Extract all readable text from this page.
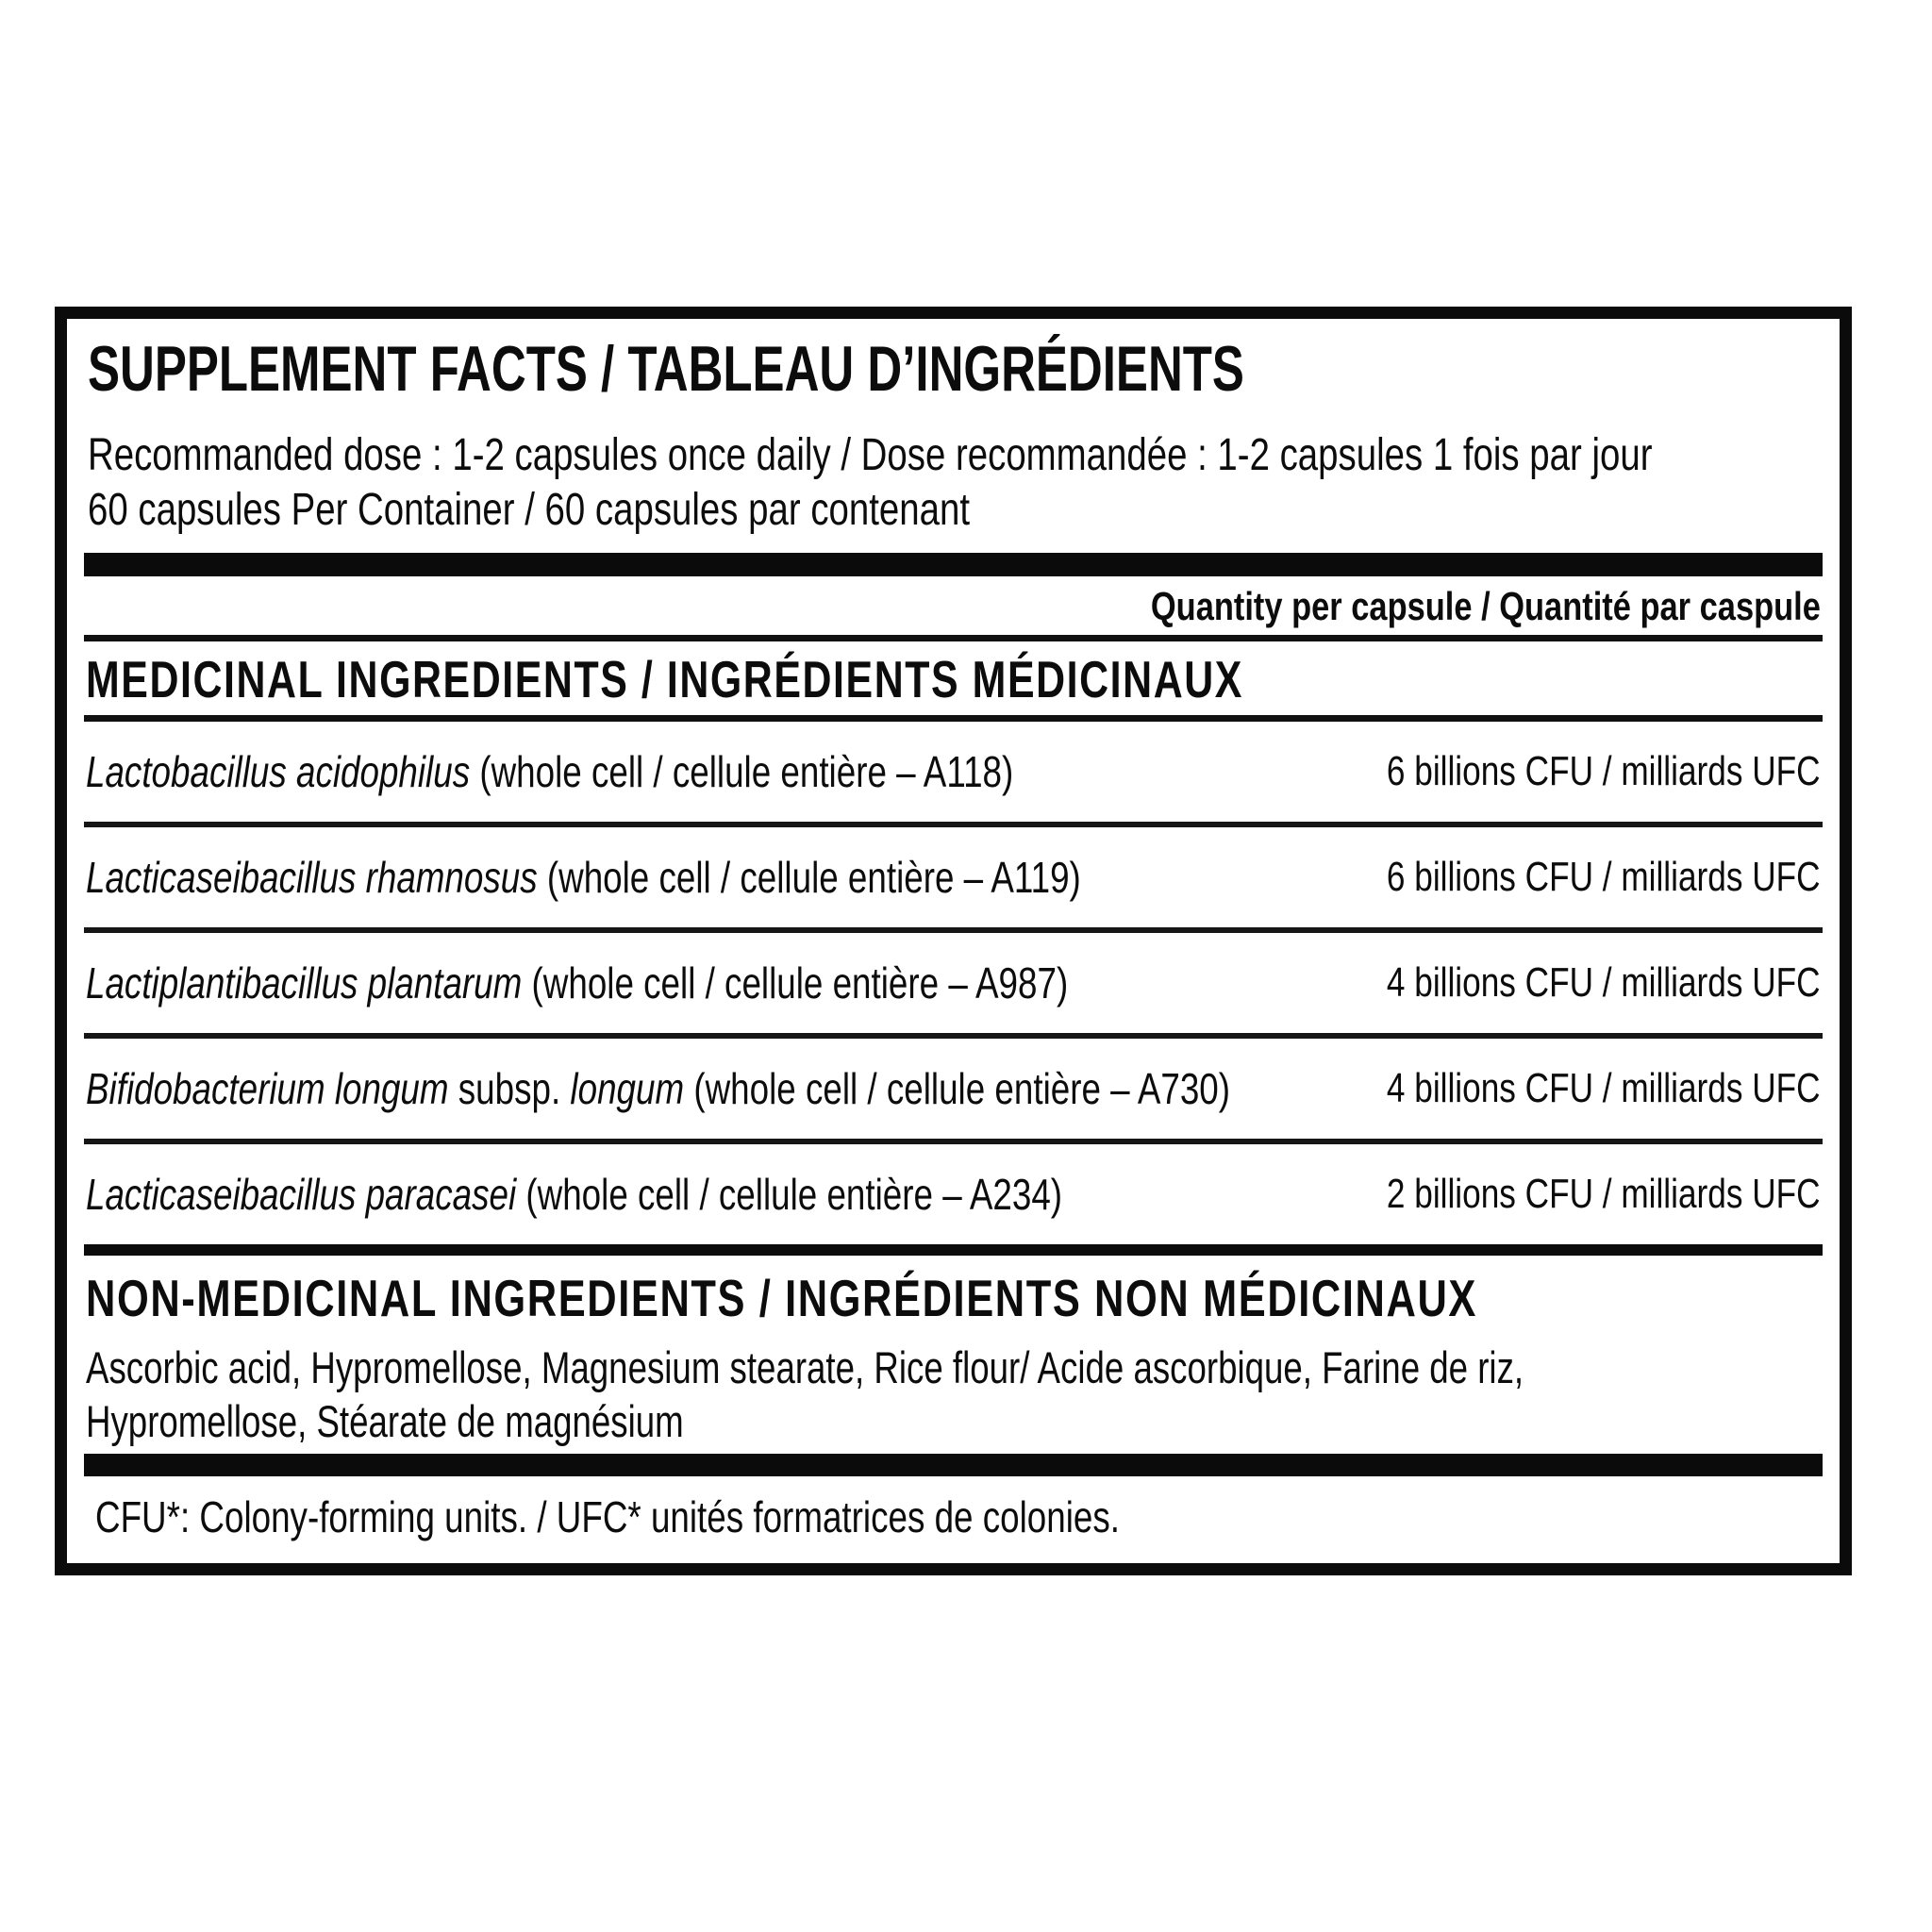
SUPPLEMENT FACTS / TABLEAU D’INGRÉDIENTS
Recommanded dose : 1-2 capsules once daily / Dose recommandée : 1-2 capsules 1 fois par jour
60 capsules Per Container / 60 capsules par contenant
Quantity per capsule / Quantité par caspule
MEDICINAL INGREDIENTS / INGRÉDIENTS MÉDICINAUX
Lactobacillus acidophilus (whole cell / cellule entière – A118)	6 billions CFU / milliards UFC
Lacticaseibacillus rhamnosus (whole cell / cellule entière – A119)	6 billions CFU / milliards UFC
Lactiplantibacillus plantarum (whole cell / cellule entière – A987)	4 billions CFU / milliards UFC
Bifidobacterium longum subsp. longum (whole cell / cellule entière – A730)	4 billions CFU / milliards UFC
Lacticaseibacillus paracasei (whole cell / cellule entière – A234)	2 billions CFU / milliards UFC
NON-MEDICINAL INGREDIENTS / INGRÉDIENTS NON MÉDICINAUX
Ascorbic acid, Hypromellose, Magnesium stearate, Rice flour/ Acide ascorbique, Farine de riz,
Hypromellose, Stéarate de magnésium
CFU*: Colony-forming units. / UFC* unités formatrices de colonies.
